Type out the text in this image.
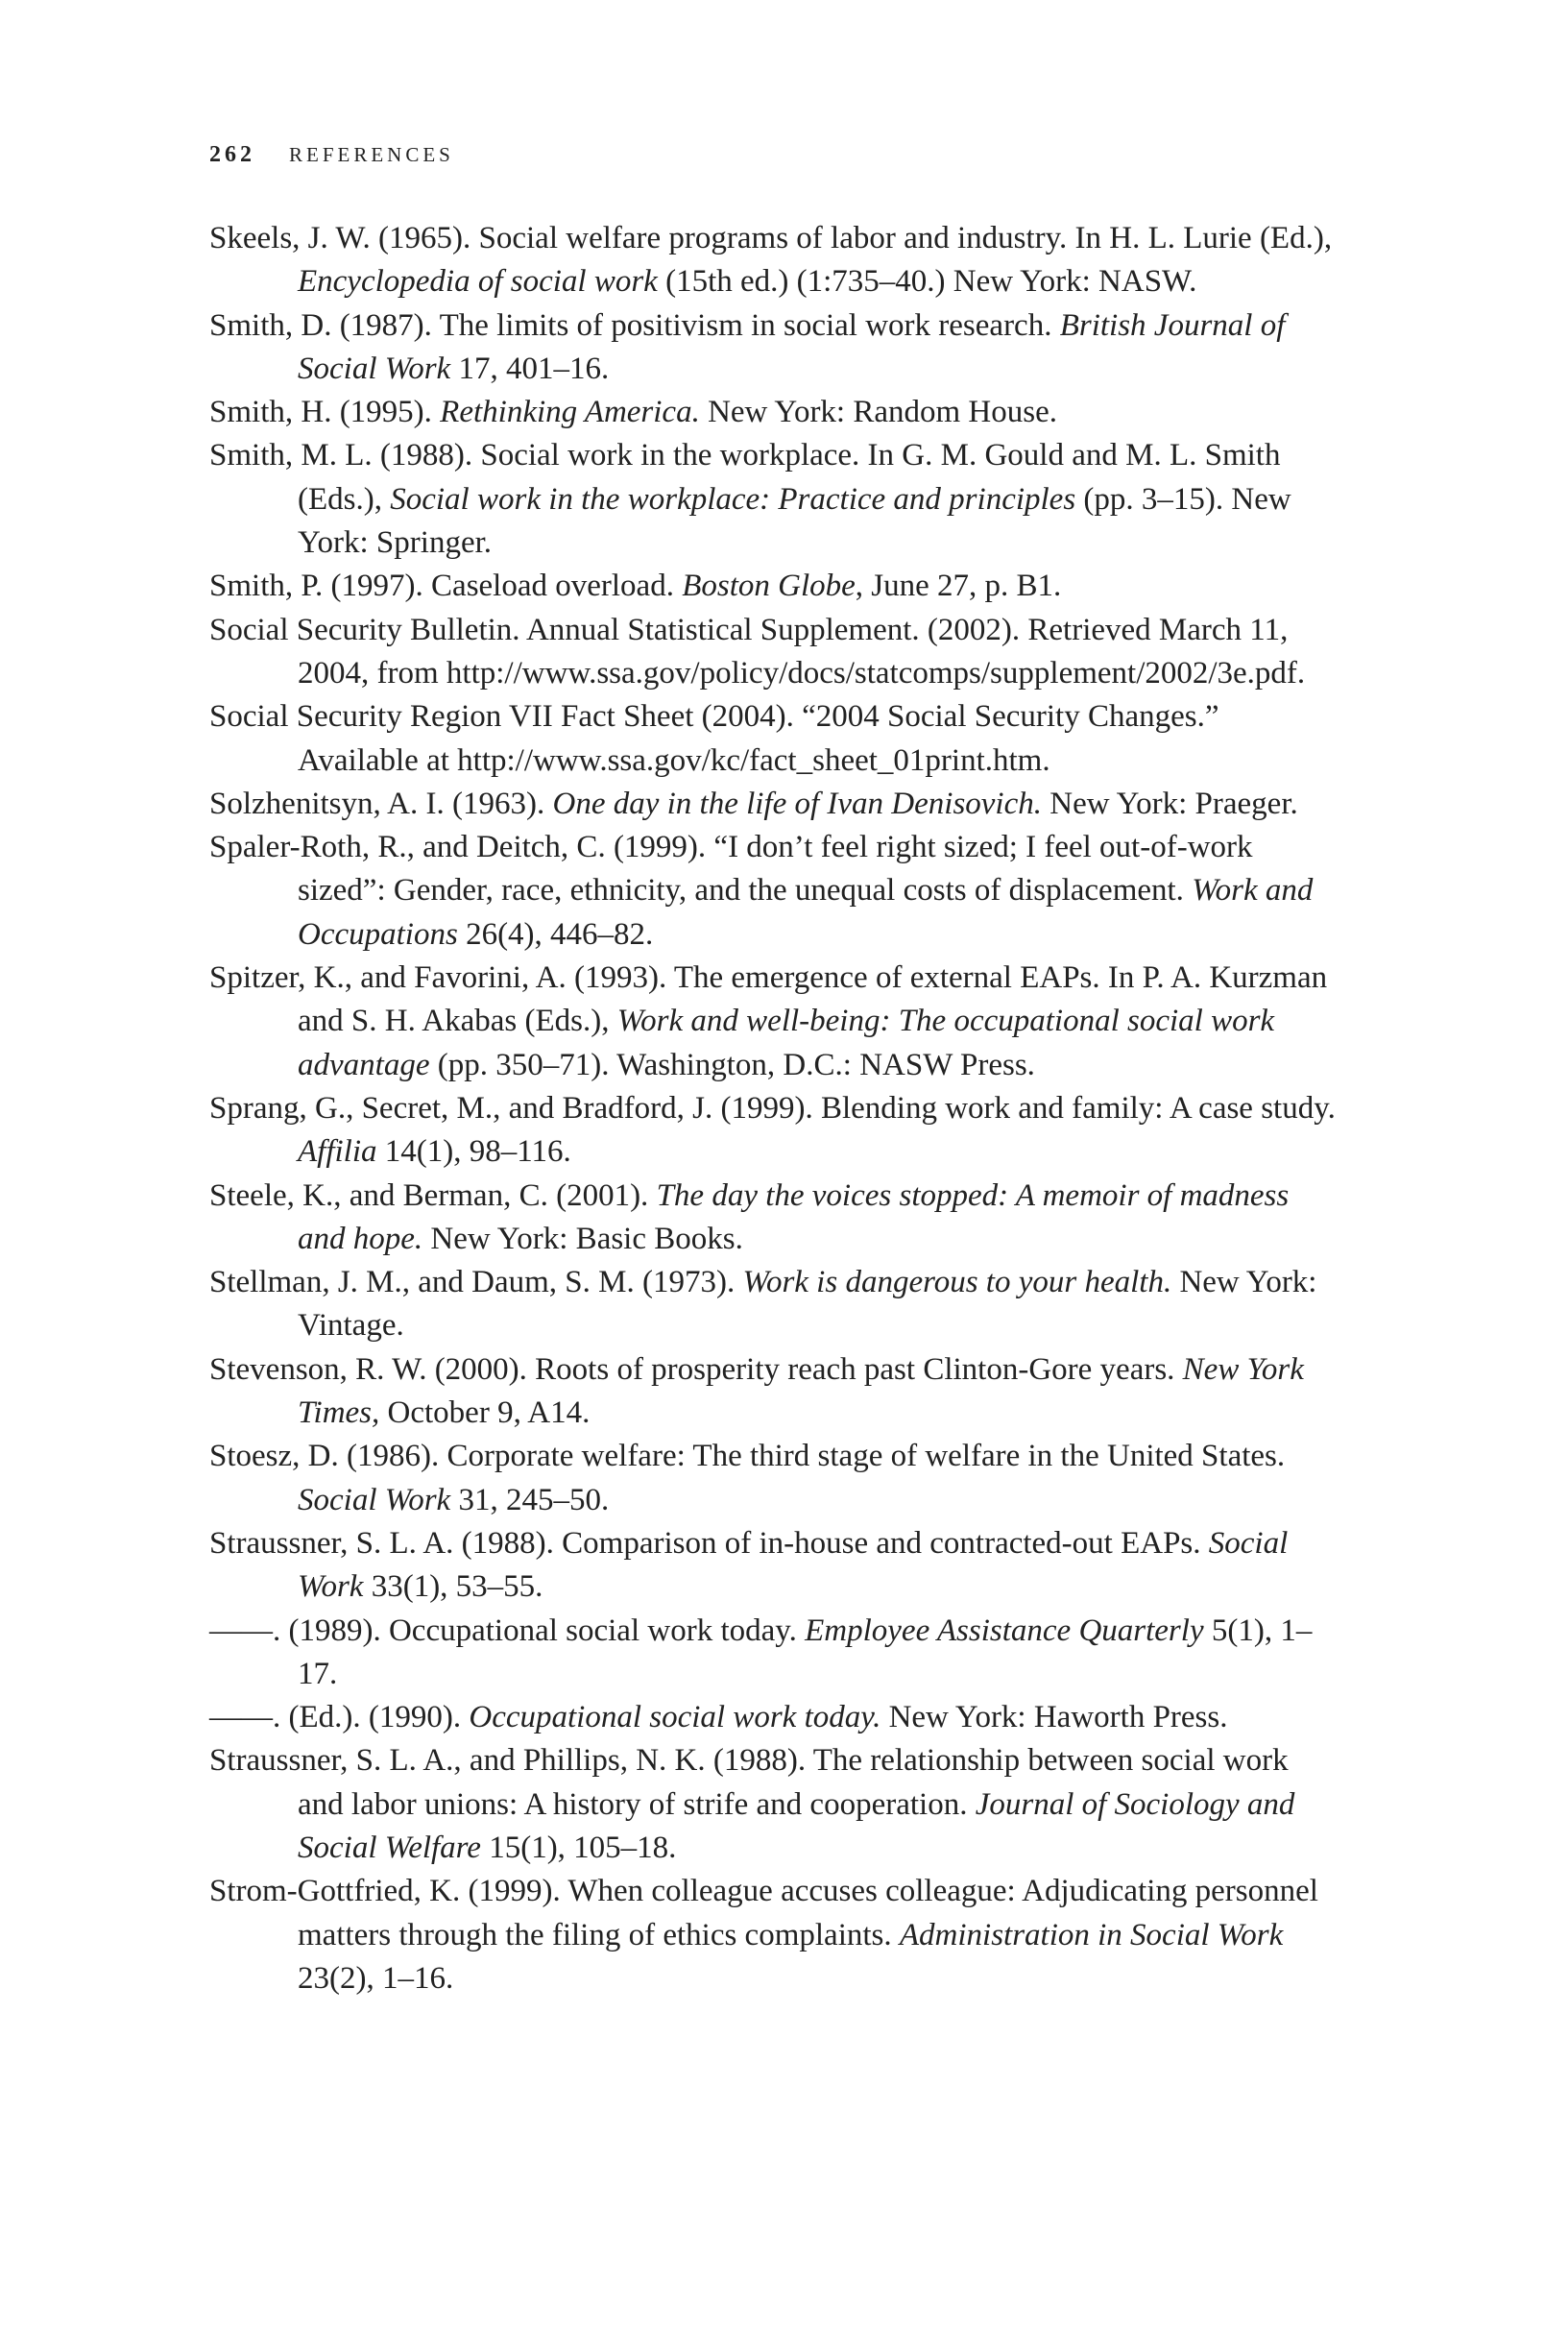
262 REFERENCES
Skeels, J. W. (1965). Social welfare programs of labor and industry. In H. L. Lurie (Ed.), Encyclopedia of social work (15th ed.) (1:735–40.) New York: NASW.
Smith, D. (1987). The limits of positivism in social work research. British Journal of Social Work 17, 401–16.
Smith, H. (1995). Rethinking America. New York: Random House.
Smith, M. L. (1988). Social work in the workplace. In G. M. Gould and M. L. Smith (Eds.), Social work in the workplace: Practice and principles (pp. 3–15). New York: Springer.
Smith, P. (1997). Caseload overload. Boston Globe, June 27, p. B1.
Social Security Bulletin. Annual Statistical Supplement. (2002). Retrieved March 11, 2004, from http://www.ssa.gov/policy/docs/statcomps/supplement/2002/3e.pdf.
Social Security Region VII Fact Sheet (2004). “2004 Social Security Changes.” Available at http://www.ssa.gov/kc/fact_sheet_01print.htm.
Solzhenitsyn, A. I. (1963). One day in the life of Ivan Denisovich. New York: Praeger.
Spaler-Roth, R., and Deitch, C. (1999). “I don’t feel right sized; I feel out-of-work sized”: Gender, race, ethnicity, and the unequal costs of displacement. Work and Occupations 26(4), 446–82.
Spitzer, K., and Favorini, A. (1993). The emergence of external EAPs. In P. A. Kurzman and S. H. Akabas (Eds.), Work and well-being: The occupational social work advantage (pp. 350–71). Washington, D.C.: NASW Press.
Sprang, G., Secret, M., and Bradford, J. (1999). Blending work and family: A case study. Affilia 14(1), 98–116.
Steele, K., and Berman, C. (2001). The day the voices stopped: A memoir of madness and hope. New York: Basic Books.
Stellman, J. M., and Daum, S. M. (1973). Work is dangerous to your health. New York: Vintage.
Stevenson, R. W. (2000). Roots of prosperity reach past Clinton-Gore years. New York Times, October 9, A14.
Stoesz, D. (1986). Corporate welfare: The third stage of welfare in the United States. Social Work 31, 245–50.
Straussner, S. L. A. (1988). Comparison of in-house and contracted-out EAPs. Social Work 33(1), 53–55.
——. (1989). Occupational social work today. Employee Assistance Quarterly 5(1), 1–17.
——. (Ed.). (1990). Occupational social work today. New York: Haworth Press.
Straussner, S. L. A., and Phillips, N. K. (1988). The relationship between social work and labor unions: A history of strife and cooperation. Journal of Sociology and Social Welfare 15(1), 105–18.
Strom-Gottfried, K. (1999). When colleague accuses colleague: Adjudicating personnel matters through the filing of ethics complaints. Administration in Social Work 23(2), 1–16.
